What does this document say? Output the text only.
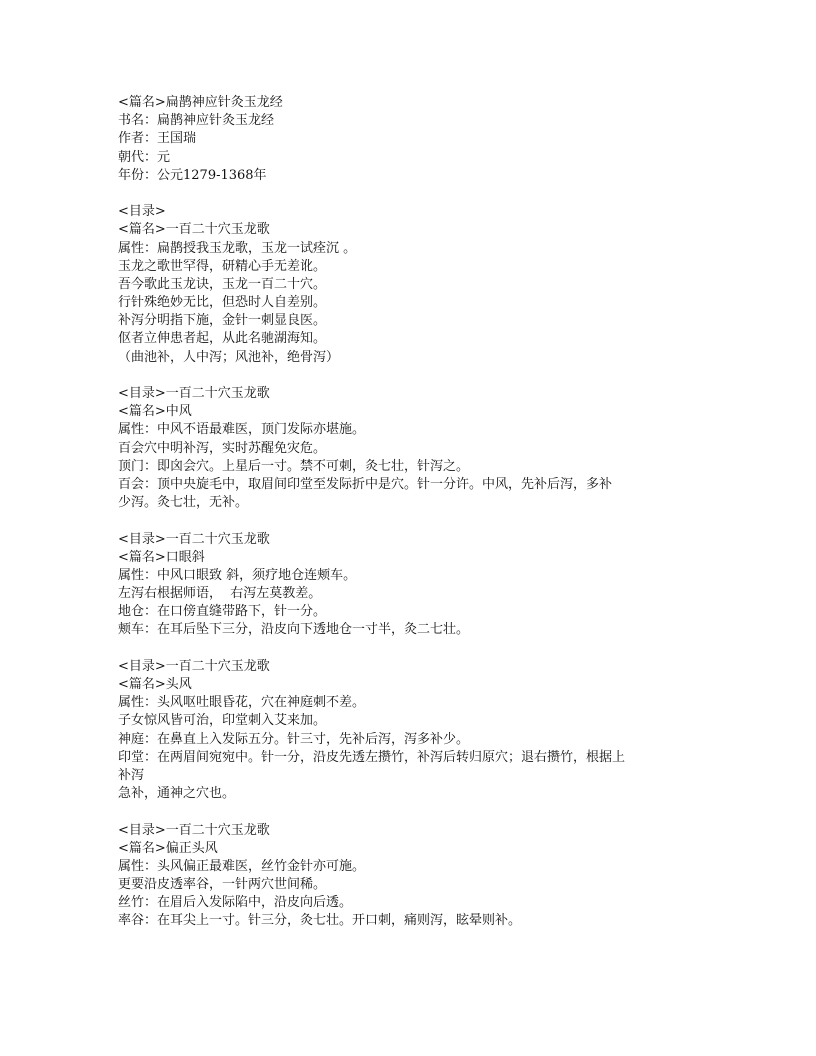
<篇名>扁鹊神应针灸玉龙经
书名：扁鹊神应针灸玉龙经
作者：王国瑞
朝代：元
年份：公元1279-1368年
<目录>
<篇名>一百二十穴玉龙歌
属性：扁鹊授我玉龙歌，玉龙一试痊沉 。
玉龙之歌世罕得，研精心手无差讹。
吾今歌此玉龙诀，玉龙一百二十穴。
行针殊绝妙无比，但恐时人自差别。
补泻分明指下施，金针一刺显良医。
伛者立伸患者起，从此名驰湖海知。
（曲池补，人中泻；风池补，绝骨泻）
<目录>一百二十穴玉龙歌
<篇名>中风
属性：中风不语最难医，顶门发际亦堪施。
百会穴中明补泻，实时苏醒免灾危。
顶门：即囟会穴。上星后一寸。禁不可刺，灸七壮，针泻之。
百会：顶中央旋毛中，取眉间印堂至发际折中是穴。针一分许。中风，先补后泻，多补
少泻。灸七壮，无补。
<目录>一百二十穴玉龙歌
<篇名>口眼斜
属性：中风口眼致 斜，须疗地仓连颊车。
左泻右根据师语，  右泻左莫教差。
地仓：在口傍直缝带路下，针一分。
颊车：在耳后坠下三分，沿皮向下透地仓一寸半，灸二七壮。
<目录>一百二十穴玉龙歌
<篇名>头风
属性：头风呕吐眼昏花，穴在神庭刺不差。
子女惊风皆可治，印堂刺入艾来加。
神庭：在鼻直上入发际五分。针三寸，先补后泻，泻多补少。
印堂：在两眉间宛宛中。针一分，沿皮先透左攒竹，补泻后转归原穴；退右攒竹，根据上
补泻
急补，通神之穴也。
<目录>一百二十穴玉龙歌
<篇名>偏正头风
属性：头风偏正最难医，丝竹金针亦可施。
更要沿皮透率谷，一针两穴世间稀。
丝竹：在眉后入发际陷中，沿皮向后透。
率谷：在耳尖上一寸。针三分，灸七壮。开口刺，痛则泻，眩晕则补。
